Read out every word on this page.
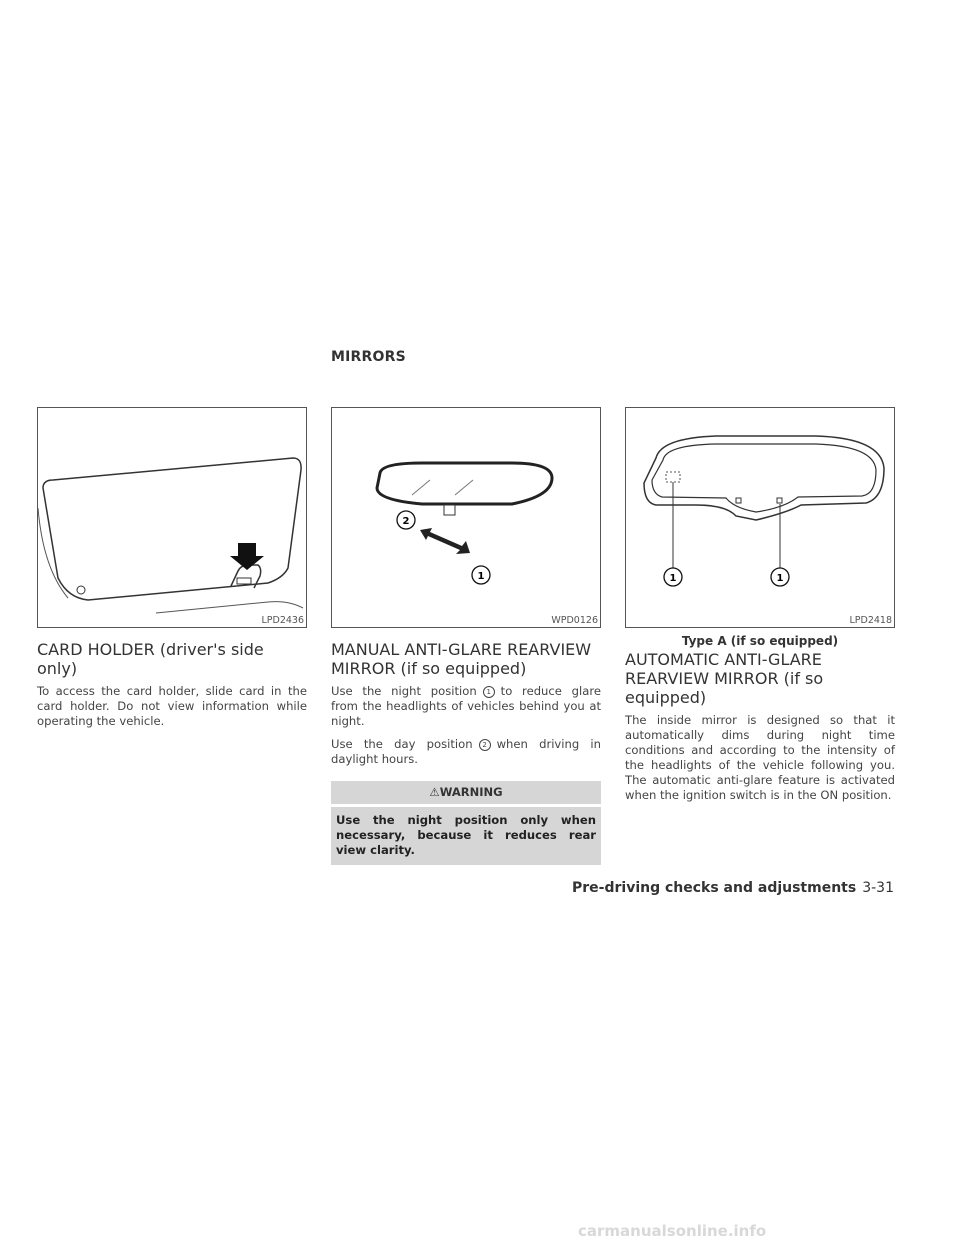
MIRRORS
LPD2436
CARD HOLDER (driver's side only)

To access the card holder, slide card in the card holder. Do not view information while operating the vehicle.

2
1
WPD0126
MANUAL ANTI-GLARE REARVIEW MIRROR (if so equipped)

Use the night position 1 to reduce glare from the headlights of vehicles behind you at night.

Use the day position 2 when driving in daylight hours.

⚠WARNING
Use the night position only when necessary, because it reduces rear view clarity.
1	1
LPD2418
Type A (if so equipped)
AUTOMATIC ANTI-GLARE REARVIEW MIRROR (if so equipped)

The inside mirror is designed so that it automatically dims during night time conditions and according to the intensity of the headlights of the vehicle following you. The automatic anti-glare feature is activated when the ignition switch is in the ON position.

Pre-driving checks and adjustments 3-31
carmanualsonline.info
